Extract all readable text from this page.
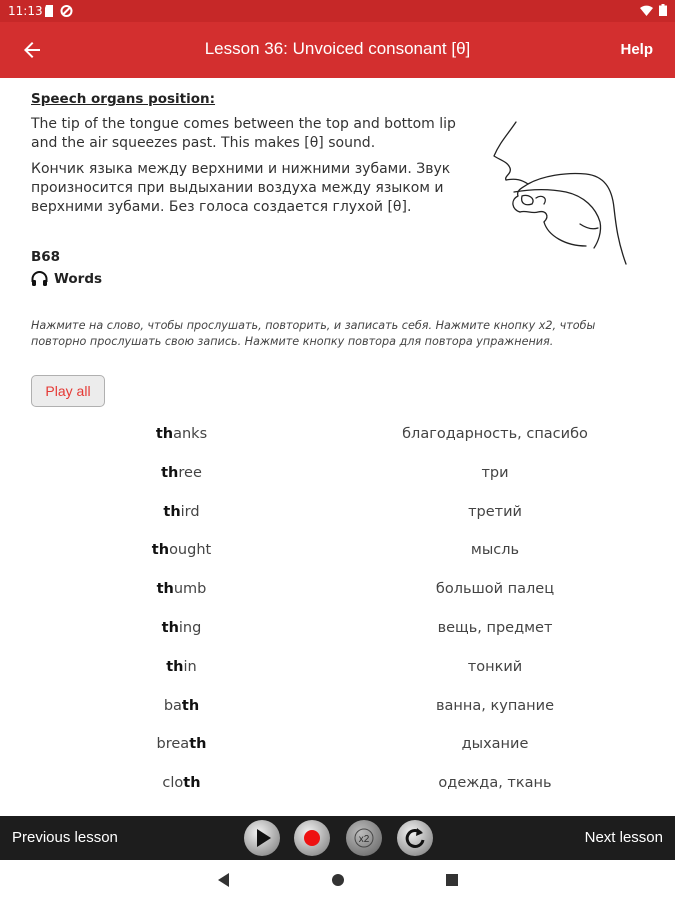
11:13
Lesson 36: Unvoiced consonant [θ]	Help
Speech organs position:
The tip of the tongue comes between the top and bottom lip and the air squeezes past. This makes [θ] sound.
Кончик языка между верхними и нижними зубами. Звук произносится при выдыхании воздуха между языком и верхними зубами. Без голоса создается глухой [θ].
B68
Words
Нажмите на слово, чтобы прослушать, повторить, и записать себя. Нажмите кнопку x2, чтобы повторно прослушать свою запись. Нажмите кнопку повтора для повтора упражнения.
Play all
thanks	благодарность, спасибо
three	три
third	третий
thought	мысль
thumb	большой палец
thing	вещь, предмет
thin	тонкий
bath	ванна, купание
breath	дыхание
cloth	одежда, ткань
Previous lesson	x2	Next lesson
